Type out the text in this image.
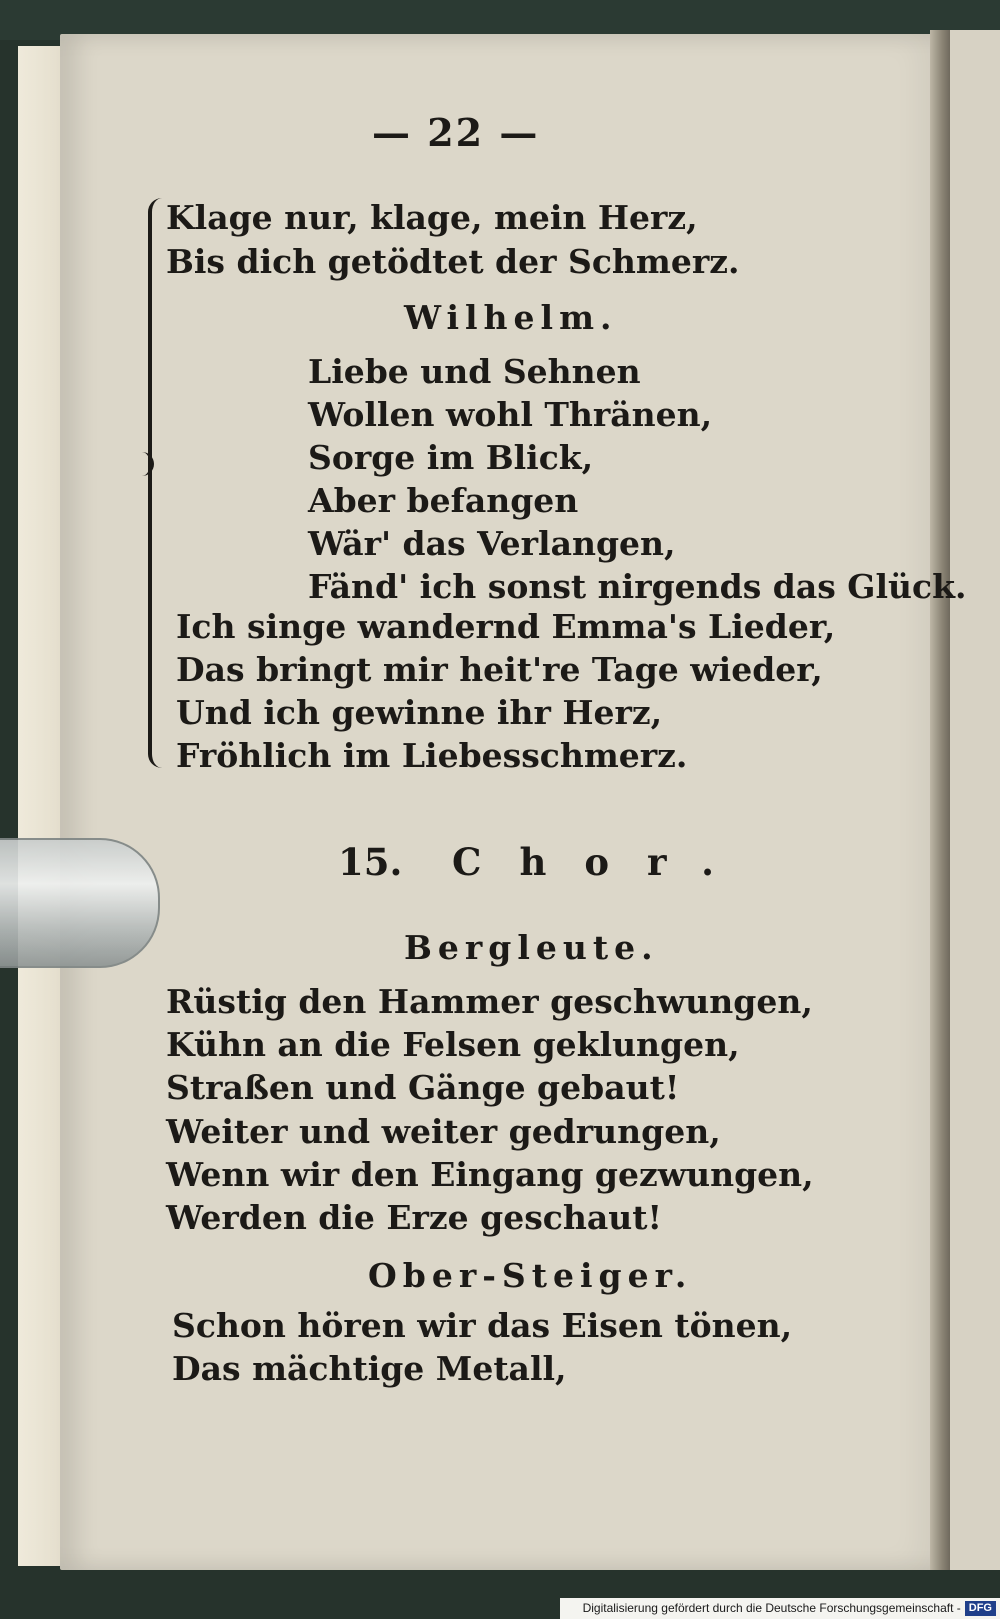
— 22 —
Klage nur, klage, mein Herz,
Bis dich getödtet der Schmerz.
Wilhelm.
Liebe und Sehnen
Wollen wohl Thränen,
Sorge im Blick,
Aber befangen
Wär' das Verlangen,
Fänd' ich sonst nirgends das Glück.
Ich singe wandernd Emma's Lieder,
Das bringt mir heit're Tage wieder,
Und ich gewinne ihr Herz,
Fröhlich im Liebesschmerz.
15. Chor.
Bergleute.
Rüstig den Hammer geschwungen,
Kühn an die Felsen geklungen,
Straßen und Gänge gebaut!
Weiter und weiter gedrungen,
Wenn wir den Eingang gezwungen,
Werden die Erze geschaut!
Ober-Steiger.
Schon hören wir das Eisen tönen,
Das mächtige Metall,
Digitalisierung gefördert durch die Deutsche Forschungsgemeinschaft - DFG
